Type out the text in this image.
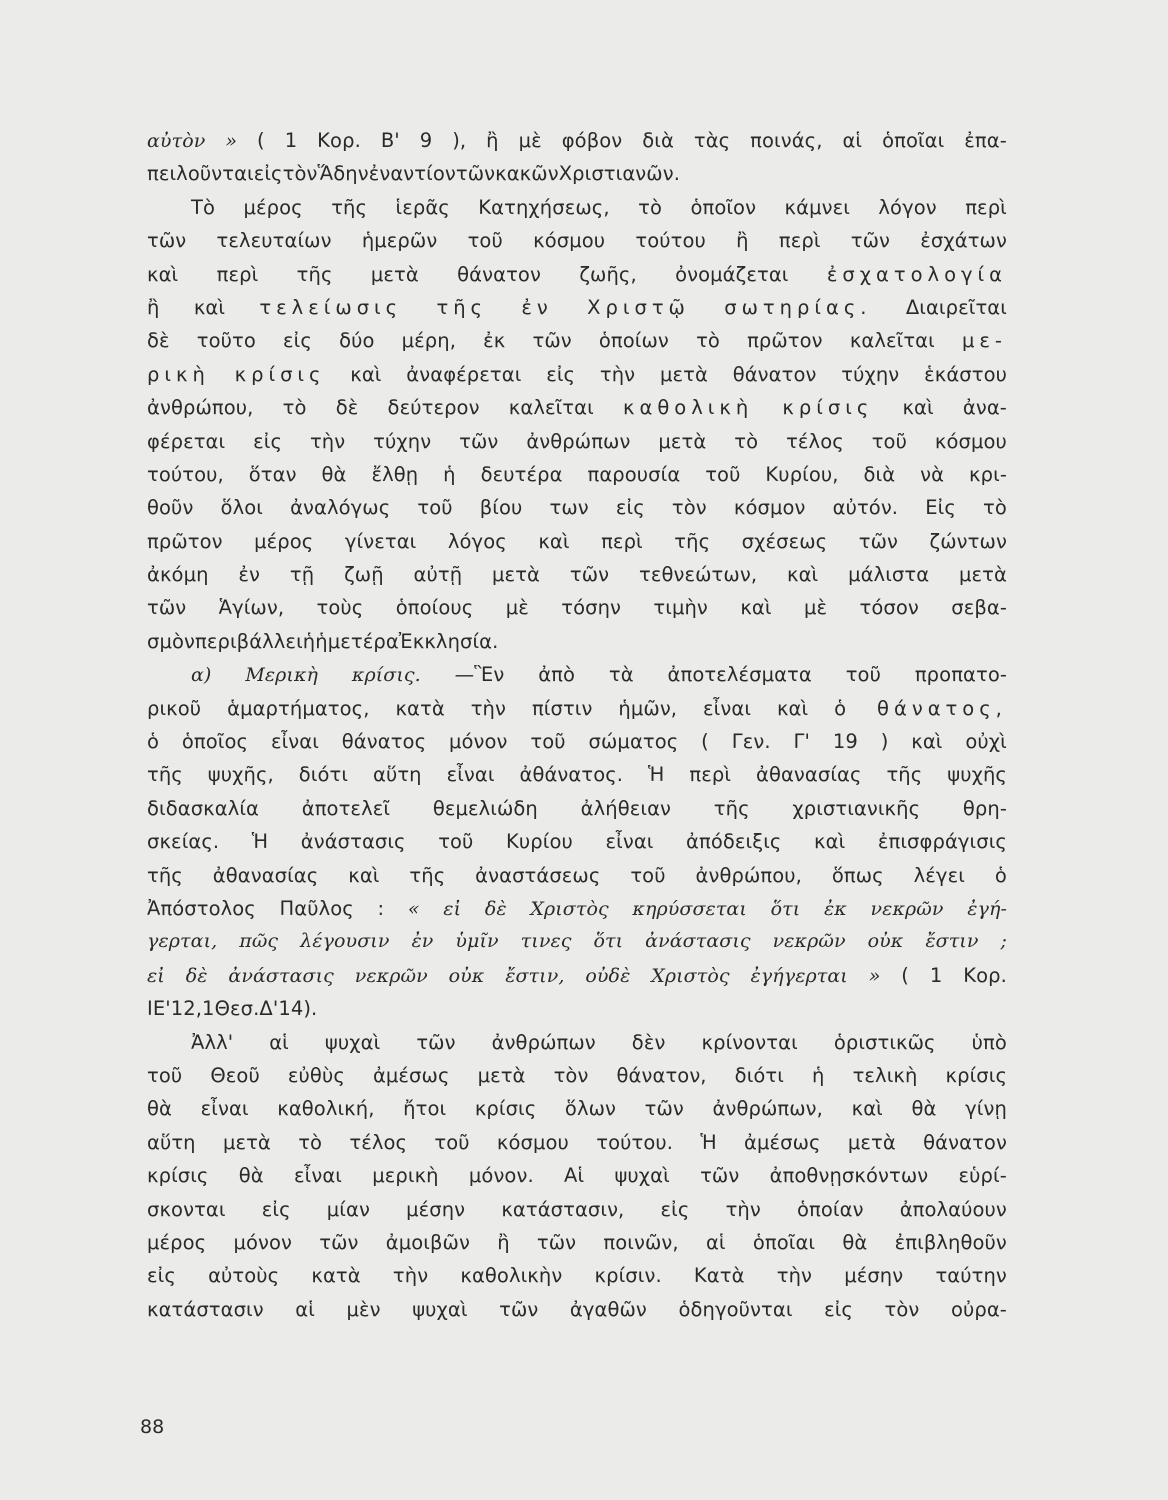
αὐτὸν » ( 1 Κορ. Β' 9 ), ἢ μὲ φόβον διὰ τὰς ποινάς, αἱ ὁποῖαι ἐπα-
πειλοῦνται εἰς τὸν Ἅδην ἐναντίον τῶν κακῶν Χριστιανῶν.
Τὸ μέρος τῆς ἱερᾶς Κατηχήσεως, τὸ ὁποῖον κάμνει λόγον περὶ
τῶν τελευταίων ἡμερῶν τοῦ κόσμου τούτου ἢ περὶ τῶν ἐσχάτων
καὶ περὶ τῆς μετὰ θάνατον ζωῆς, ὀνομάζεται ἐσχατολογία
ἢ καὶ τελείωσις τῆς ἐν Χριστῷ σωτηρίας. Διαιρεῖται
δὲ τοῦτο εἰς δύο μέρη, ἐκ τῶν ὁποίων τὸ πρῶτον καλεῖται με-
ρικὴ κρίσις καὶ ἀναφέρεται εἰς τὴν μετὰ θάνατον τύχην ἑκάστου
ἀνθρώπου, τὸ δὲ δεύτερον καλεῖται καθολικὴ κρίσις καὶ ἀνα-
φέρεται εἰς τὴν τύχην τῶν ἀνθρώπων μετὰ τὸ τέλος τοῦ κόσμου
τούτου, ὅταν θὰ ἔλθῃ ἡ δευτέρα παρουσία τοῦ Κυρίου, διὰ νὰ κρι-
θοῦν ὅλοι ἀναλόγως τοῦ βίου των εἰς τὸν κόσμον αὐτόν. Εἰς τὸ
πρῶτον μέρος γίνεται λόγος καὶ περὶ τῆς σχέσεως τῶν ζώντων
ἀκόμη ἐν τῇ ζωῇ αὐτῇ μετὰ τῶν τεθνεώτων, καὶ μάλιστα μετὰ
τῶν Ἁγίων, τοὺς ὁποίους μὲ τόσην τιμὴν καὶ μὲ τόσον σεβα-
σμὸν περιβάλλει ἡ ἡμετέρα Ἐκκλησία.
α) Μερικὴ κρίσις. —Ἓν ἀπὸ τὰ ἀποτελέσματα τοῦ προπατο-
ρικοῦ ἁμαρτήματος, κατὰ τὴν πίστιν ἡμῶν, εἶναι καὶ ὁ θάνατος,
ὁ ὁποῖος εἶναι θάνατος μόνον τοῦ σώματος ( Γεν. Γ' 19 ) καὶ οὐχὶ
τῆς ψυχῆς, διότι αὕτη εἶναι ἀθάνατος. Ἡ περὶ ἀθανασίας τῆς ψυχῆς
διδασκαλία ἀποτελεῖ θεμελιώδη ἀλήθειαν τῆς χριστιανικῆς θρη-
σκείας. Ἡ ἀνάστασις τοῦ Κυρίου εἶναι ἀπόδειξις καὶ ἐπισφράγισις
τῆς ἀθανασίας καὶ τῆς ἀναστάσεως τοῦ ἀνθρώπου, ὅπως λέγει ὁ
Ἀπόστολος Παῦλος : « εἰ δὲ Χριστὸς κηρύσσεται ὅτι ἐκ νεκρῶν ἐγή-
γερται, πῶς λέγουσιν ἐν ὑμῖν τινες ὅτι ἀνάστασις νεκρῶν οὐκ ἔστιν ;
εἰ δὲ ἀνάστασις νεκρῶν οὐκ ἔστιν, οὐδὲ Χριστὸς ἐγήγερται » ( 1 Κορ.
ΙΕ' 12, 1 Θεσ. Δ' 14 ).
Ἀλλ' αἱ ψυχαὶ τῶν ἀνθρώπων δὲν κρίνονται ὁριστικῶς ὑπὸ
τοῦ Θεοῦ εὐθὺς ἀμέσως μετὰ τὸν θάνατον, διότι ἡ τελικὴ κρίσις
θὰ εἶναι καθολική, ἤτοι κρίσις ὅλων τῶν ἀνθρώπων, καὶ θὰ γίνῃ
αὕτη μετὰ τὸ τέλος τοῦ κόσμου τούτου. Ἡ ἀμέσως μετὰ θάνατον
κρίσις θὰ εἶναι μερικὴ μόνον. Αἱ ψυχαὶ τῶν ἀποθνῃσκόντων εὑρί-
σκονται εἰς μίαν μέσην κατάστασιν, εἰς τὴν ὁποίαν ἀπολαύουν
μέρος μόνον τῶν ἀμοιβῶν ἢ τῶν ποινῶν, αἱ ὁποῖαι θὰ ἐπιβληθοῦν
εἰς αὐτοὺς κατὰ τὴν καθολικὴν κρίσιν. Κατὰ τὴν μέσην ταύτην
κατάστασιν αἱ μὲν ψυχαὶ τῶν ἀγαθῶν ὁδηγοῦνται εἰς τὸν οὐρα-
88
